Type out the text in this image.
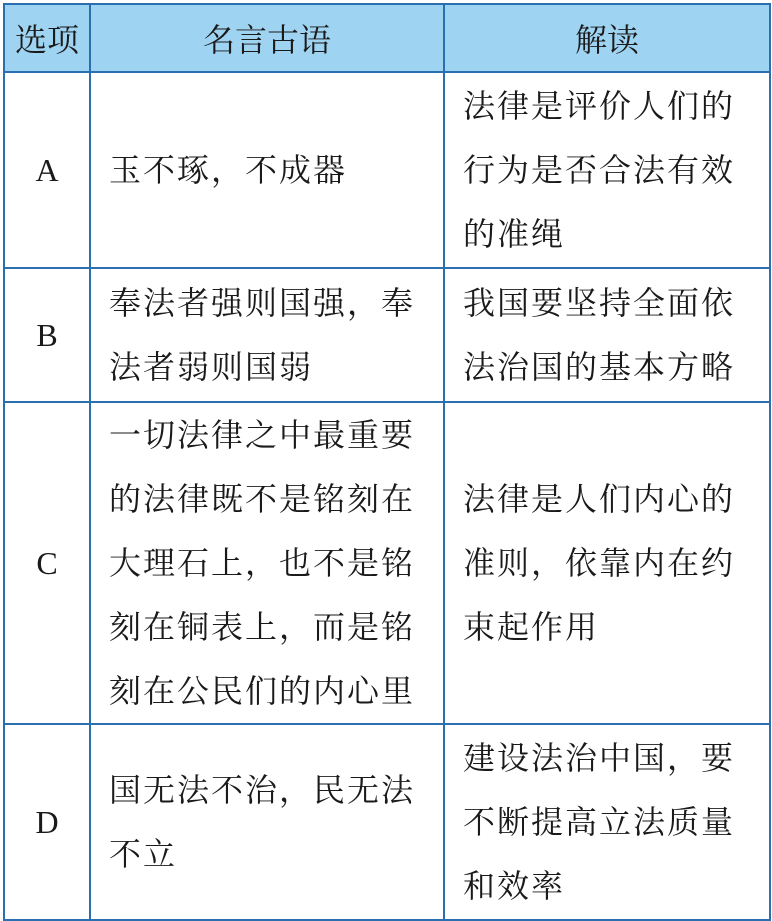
选项	名言古语	解读
A	玉不琢，不成器	法律是评价人们的行为是否合法有效的准绳
B	奉法者强则国强，奉法者弱则国弱	我国要坚持全面依法治国的基本方略
C	一切法律之中最重要的法律既不是铭刻在大理石上，也不是铭刻在铜表上，而是铭刻在公民们的内心里	法律是人们内心的准则，依靠内在约束起作用
D	国无法不治，民无法不立	建设法治中国，要不断提高立法质量和效率
